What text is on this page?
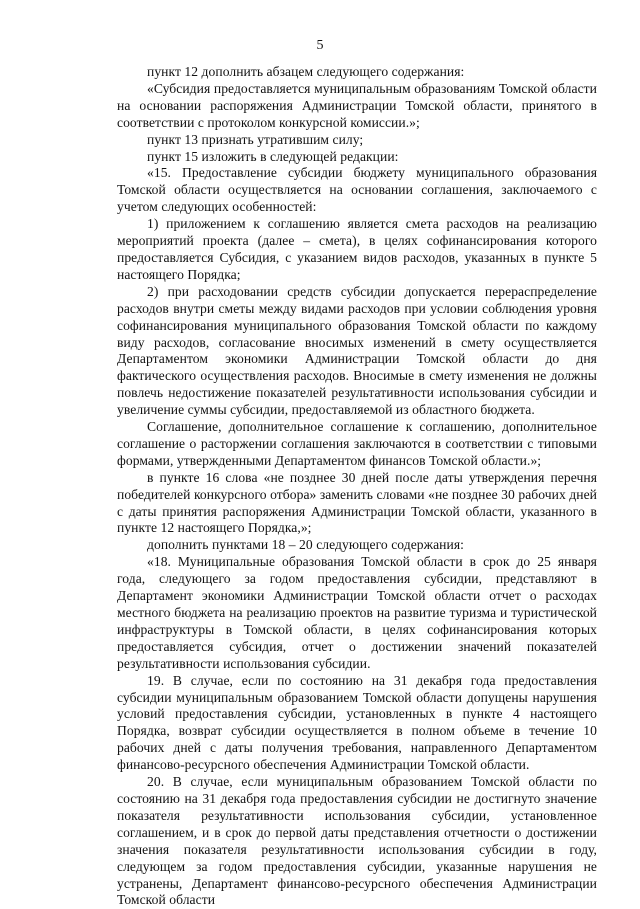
5

пункт 12 дополнить абзацем следующего содержания:

«Субсидия предоставляется муниципальным образованиям Томской области на основании распоряжения Администрации Томской области, принятого в соответствии с протоколом конкурсной комиссии.»;

пункт 13 признать утратившим силу;

пункт 15 изложить в следующей редакции:

«15. Предоставление субсидии бюджету муниципального образования Томской области осуществляется на основании соглашения, заключаемого с учетом следующих особенностей:

1) приложением к соглашению является смета расходов на реализацию мероприятий проекта (далее – смета), в целях софинансирования которого предоставляется Субсидия, с указанием видов расходов, указанных в пункте 5 настоящего Порядка;

2) при расходовании средств субсидии допускается перераспределение расходов внутри сметы между видами расходов при условии соблюдения уровня софинансирования муниципального образования Томской области по каждому виду расходов, согласование вносимых изменений в смету осуществляется Департаментом экономики Администрации Томской области до дня фактического осуществления расходов. Вносимые в смету изменения не должны повлечь недостижение показателей результативности использования субсидии и увеличение суммы субсидии, предоставляемой из областного бюджета.

Соглашение, дополнительное соглашение к соглашению, дополнительное соглашение о расторжении соглашения заключаются в соответствии с типовыми формами, утвержденными Департаментом финансов Томской области.»;

в пункте 16 слова «не позднее 30 дней после даты утверждения перечня победителей конкурсного отбора» заменить словами «не позднее 30 рабочих дней с даты принятия распоряжения Администрации Томской области, указанного в пункте 12 настоящего Порядка,»;

дополнить пунктами 18 – 20 следующего содержания:

«18. Муниципальные образования Томской области в срок до 25 января года, следующего за годом предоставления субсидии, представляют в Департамент экономики Администрации Томской области отчет о расходах местного бюджета на реализацию проектов на развитие туризма и туристической инфраструктуры в Томской области, в целях софинансирования которых предоставляется субсидия, отчет о достижении значений показателей результативности использования субсидии.

19. В случае, если по состоянию на 31 декабря года предоставления субсидии муниципальным образованием Томской области допущены нарушения условий предоставления субсидии, установленных в пункте 4 настоящего Порядка, возврат субсидии осуществляется в полном объеме в течение 10 рабочих дней с даты получения требования, направленного Департаментом финансово-ресурсного обеспечения Администрации Томской области.

20. В случае, если муниципальным образованием Томской области по состоянию на 31 декабря года предоставления субсидии не достигнуто значение показателя результативности использования субсидии, установленное соглашением, и в срок до первой даты представления отчетности о достижении значения показателя результативности использования субсидии в году, следующем за годом предоставления субсидии, указанные нарушения не устранены, Департамент финансово-ресурсного обеспечения Администрации Томской области
